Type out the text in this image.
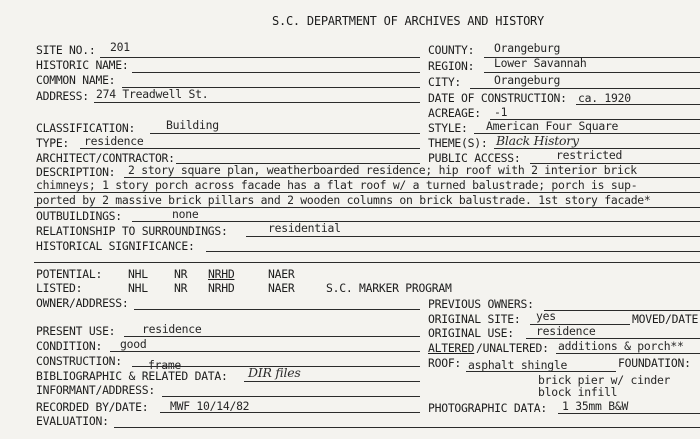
S.C. DEPARTMENT OF ARCHIVES AND HISTORY
SITE NO.: 201
HISTORIC NAME:
COMMON NAME:
ADDRESS: 274 Treadwell St.
COUNTY: Orangeburg
REGION: Lower Savannah
CITY:	Orangeburg
DATE OF CONSTRUCTION: ca. 1920
ACREAGE: -1
CLASSIFICATION:	Building
TYPE: residence
ARCHITECT/CONTRACTOR:
STYLE: American Four Square
THEME(S): Black History
PUBLIC ACCESS:	restricted
DESCRIPTION: 2 story square plan, weatherboarded residence; hip roof with 2 interior brick
chimneys; 1 story porch across facade has a flat roof w/ a turned balustrade; porch is sup-
ported by 2 massive brick pillars and 2 wooden columns on brick balustrade. 1st story facade*
OUTBUILDINGS:	none
RELATIONSHIP TO SURROUNDINGS:	residential
HISTORICAL SIGNIFICANCE:
POTENTIAL: NHL NR NRHD	NAER
LISTED:	NHL NR NRHD	NAER	S.C. MARKER PROGRAM
OWNER/ADDRESS:	PREVIOUS OWNERS:
ORIGINAL SITE: yes	MOVED/DATE
PRESENT USE: residence	ORIGINAL USE: residence
CONDITION: good	ALTERED /UNALTERED: additions & porch**
CONSTRUCTION: frame	ROOF: asphalt shingle	FOUNDATION:
brick pier w/ cinder
block infill
BIBLIOGRAPHIC & RELATED DATA: DIR files
INFORMANT/ADDRESS:
RECORDED BY/DATE: MWF 10/14/82	PHOTOGRAPHIC DATA: 1 35mm B&W
EVALUATION:
